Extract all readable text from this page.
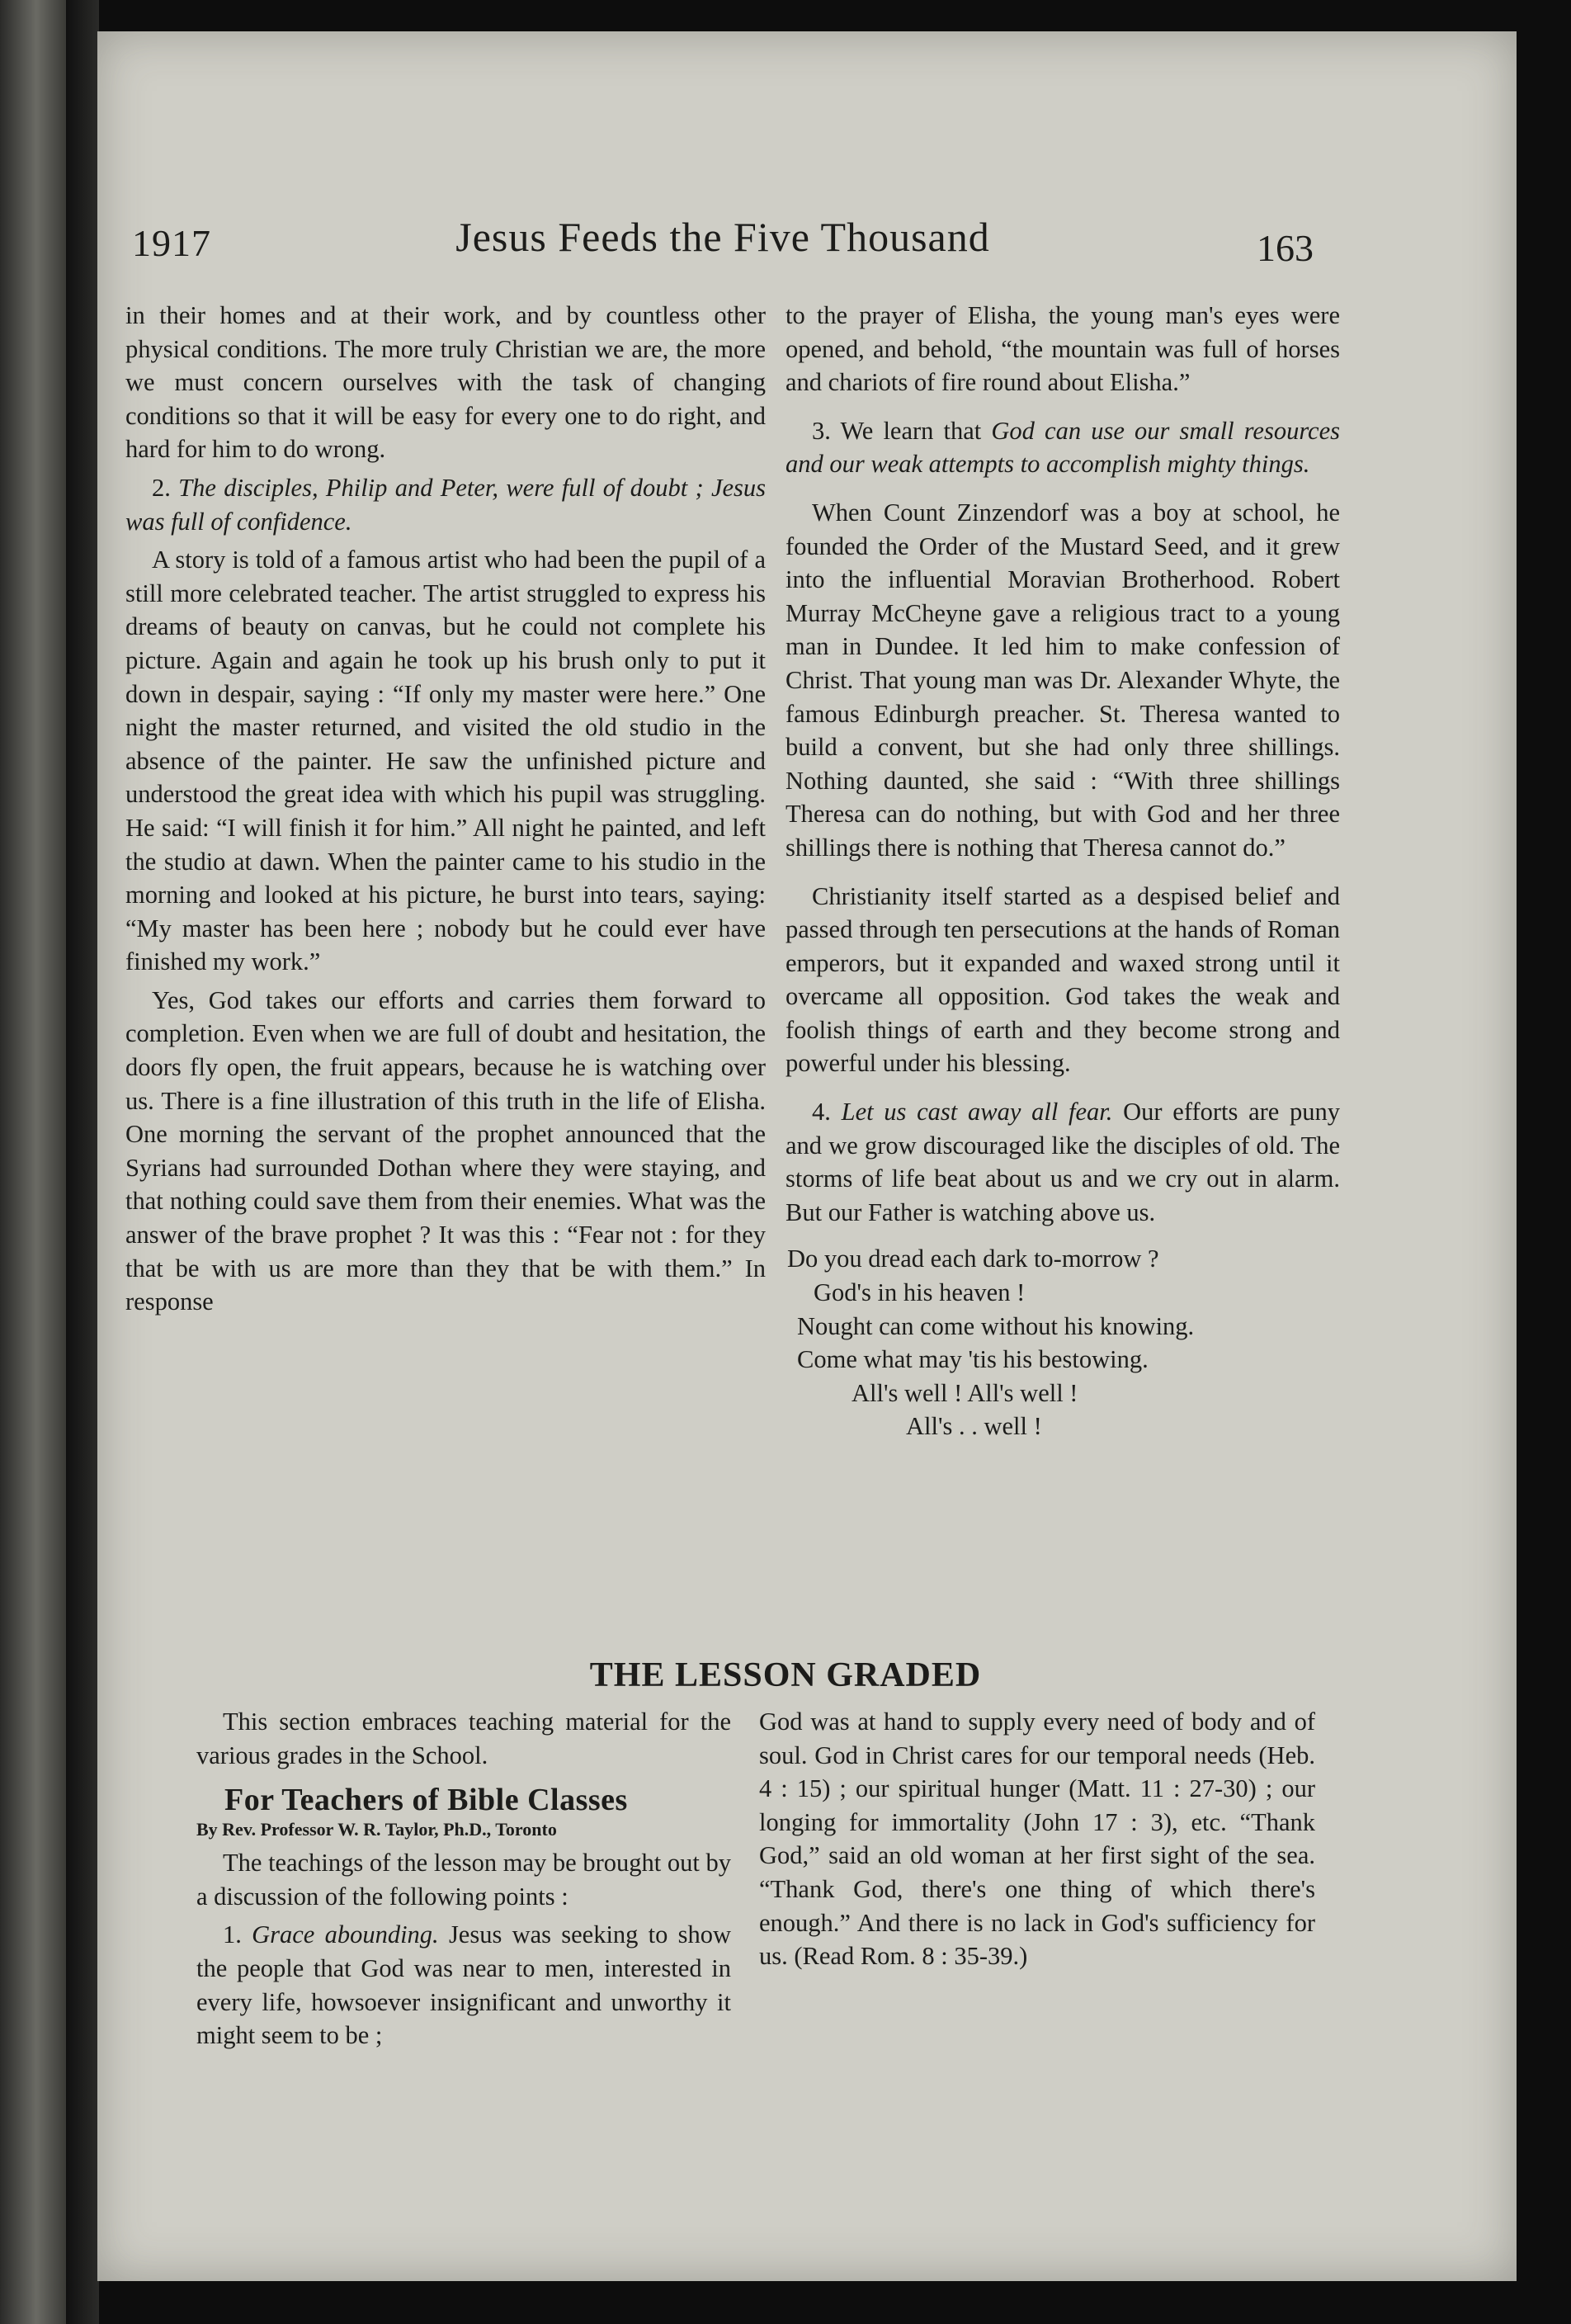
1917	Jesus Feeds the Five Thousand	163

in their homes and at their work, and by countless other physical conditions. The more truly Christian we are, the more we must concern ourselves with the task of changing conditions so that it will be easy for every one to do right, and hard for him to do wrong.

2. The disciples, Philip and Peter, were full of doubt ; Jesus was full of confidence.

A story is told of a famous artist who had been the pupil of a still more celebrated teacher. The artist struggled to express his dreams of beauty on canvas, but he could not complete his picture. Again and again he took up his brush only to put it down in despair, saying : “If only my master were here.” One night the master returned, and visited the old studio in the absence of the painter. He saw the unfinished picture and understood the great idea with which his pupil was struggling. He said: “I will finish it for him.” All night he painted, and left the studio at dawn. When the painter came to his studio in the morning and looked at his picture, he burst into tears, saying: “My master has been here ; nobody but he could ever have finished my work.”

Yes, God takes our efforts and carries them forward to completion. Even when we are full of doubt and hesitation, the doors fly open, the fruit appears, because he is watching over us. There is a fine illustration of this truth in the life of Elisha. One morning the servant of the prophet announced that the Syrians had surrounded Dothan where they were staying, and that nothing could save them from their enemies. What was the answer of the brave prophet ? It was this : “Fear not : for they that be with us are more than they that be with them.” In response

to the prayer of Elisha, the young man's eyes were opened, and behold, “the mountain was full of horses and chariots of fire round about Elisha.”

3. We learn that God can use our small resources and our weak attempts to accomplish mighty things.

When Count Zinzendorf was a boy at school, he founded the Order of the Mustard Seed, and it grew into the influential Moravian Brotherhood. Robert Murray McCheyne gave a religious tract to a young man in Dundee. It led him to make confession of Christ. That young man was Dr. Alexander Whyte, the famous Edinburgh preacher. St. Theresa wanted to build a convent, but she had only three shillings. Nothing daunted, she said : “With three shillings Theresa can do nothing, but with God and her three shillings there is nothing that Theresa cannot do.”

Christianity itself started as a despised belief and passed through ten persecutions at the hands of Roman emperors, but it expanded and waxed strong until it overcame all opposition. God takes the weak and foolish things of earth and they become strong and powerful under his blessing.

4. Let us cast away all fear. Our efforts are puny and we grow discouraged like the disciples of old. The storms of life beat about us and we cry out in alarm. But our Father is watching above us.

Do you dread each dark to-morrow ?
God's in his heaven !
Nought can come without his knowing.
Come what may 'tis his bestowing.
All's well ! All's well !
All's . . well !
THE LESSON GRADED

This section embraces teaching material for the various grades in the School.

For Teachers of Bible Classes
By Rev. Professor W. R. Taylor, Ph.D., Toronto

The teachings of the lesson may be brought out by a discussion of the following points :

1. Grace abounding. Jesus was seeking to show the people that God was near to men, interested in every life, howsoever insignificant and unworthy it might seem to be ;

God was at hand to supply every need of body and of soul. God in Christ cares for our temporal needs (Heb. 4 : 15) ; our spiritual hunger (Matt. 11 : 27-30) ; our longing for immortality (John 17 : 3), etc. “Thank God,” said an old woman at her first sight of the sea. “Thank God, there's one thing of which there's enough.” And there is no lack in God's sufficiency for us. (Read Rom. 8 : 35-39.)
